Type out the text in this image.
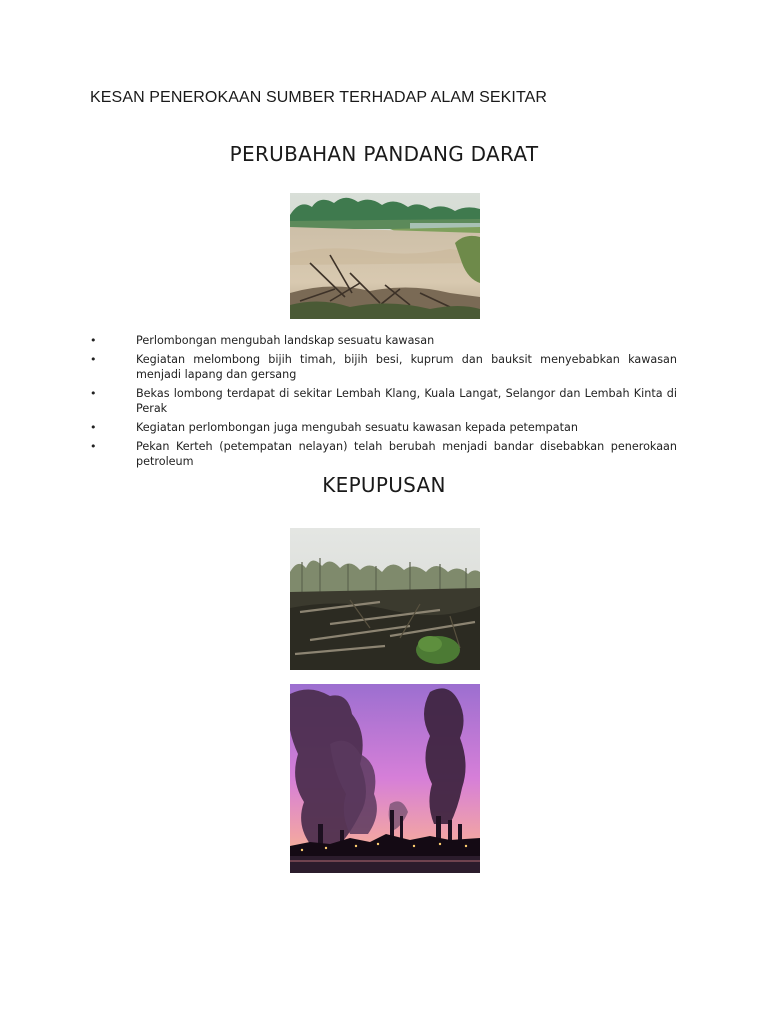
KESAN PENEROKAAN SUMBER TERHADAP ALAM SEKITAR
PERUBAHAN PANDANG DARAT
•	Perlombongan mengubah landskap sesuatu kawasan
•	Kegiatan melombong bijih timah, bijih besi, kuprum dan bauksit menyebabkan kawasan menjadi lapang dan gersang
•	Bekas lombong terdapat di sekitar Lembah Klang, Kuala Langat, Selangor dan Lembah Kinta di Perak
•	Kegiatan perlombongan juga mengubah sesuatu kawasan kepada petempatan
•	Pekan Kerteh (petempatan nelayan) telah berubah menjadi bandar disebabkan penerokaan petroleum
KEPUPUSAN
